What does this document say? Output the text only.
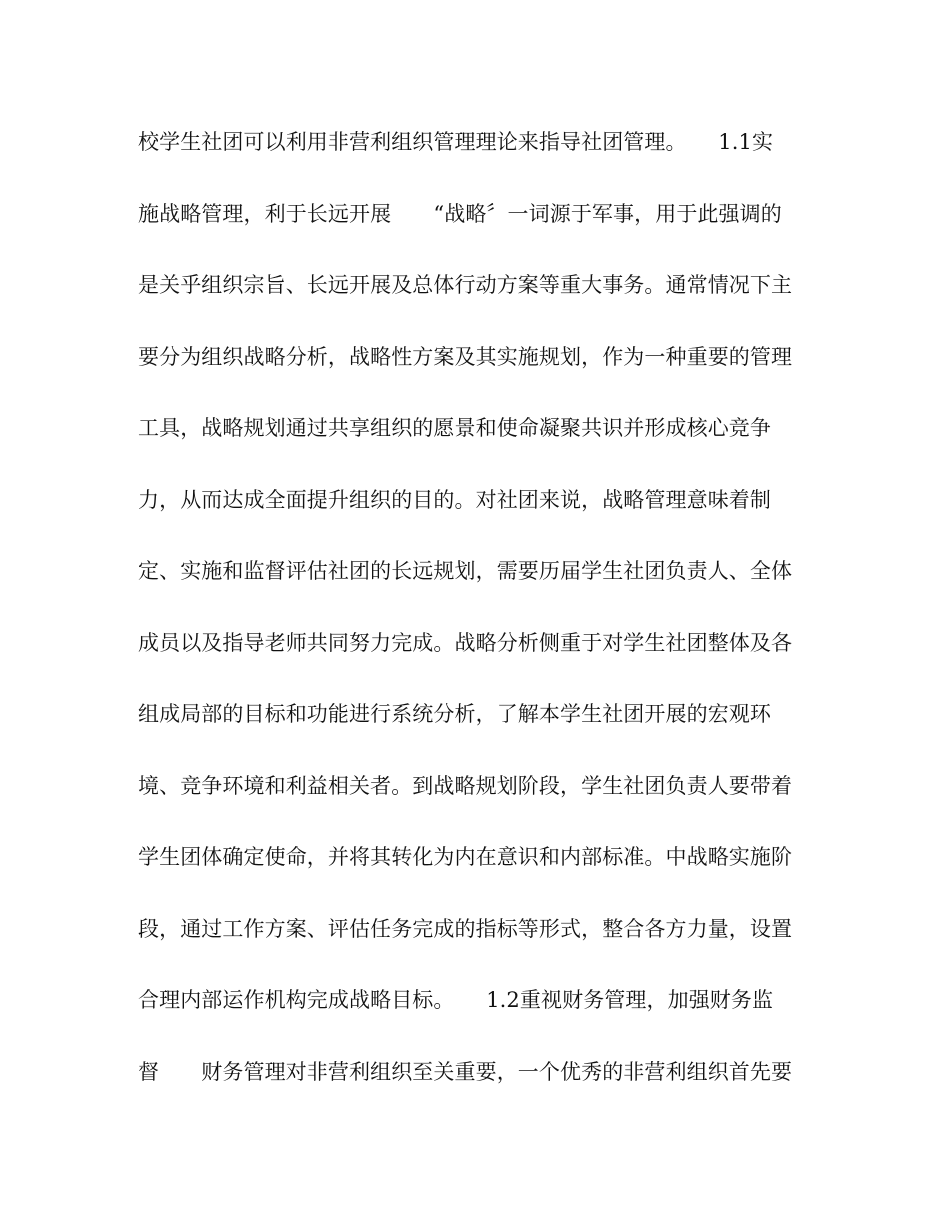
校学生社团可以利用非营利组织管理理论来指导社团管理。　　1.1实
施战略管理，利于长远开展　　“战略〞一词源于军事，用于此强调的
是关乎组织宗旨、长远开展及总体行动方案等重大事务。通常情况下主
要分为组织战略分析，战略性方案及其实施规划，作为一种重要的管理
工具，战略规划通过共享组织的愿景和使命凝聚共识并形成核心竞争
力，从而达成全面提升组织的目的。对社团来说，战略管理意味着制
定、实施和监督评估社团的长远规划，需要历届学生社团负责人、全体
成员以及指导老师共同努力完成。战略分析侧重于对学生社团整体及各
组成局部的目标和功能进行系统分析，了解本学生社团开展的宏观环
境、竞争环境和利益相关者。到战略规划阶段，学生社团负责人要带着
学生团体确定使命，并将其转化为内在意识和内部标准。中战略实施阶
段，通过工作方案、评估任务完成的指标等形式，整合各方力量，设置
合理内部运作机构完成战略目标。　　1.2重视财务管理，加强财务监
督　　财务管理对非营利组织至关重要，一个优秀的非营利组织首先要
